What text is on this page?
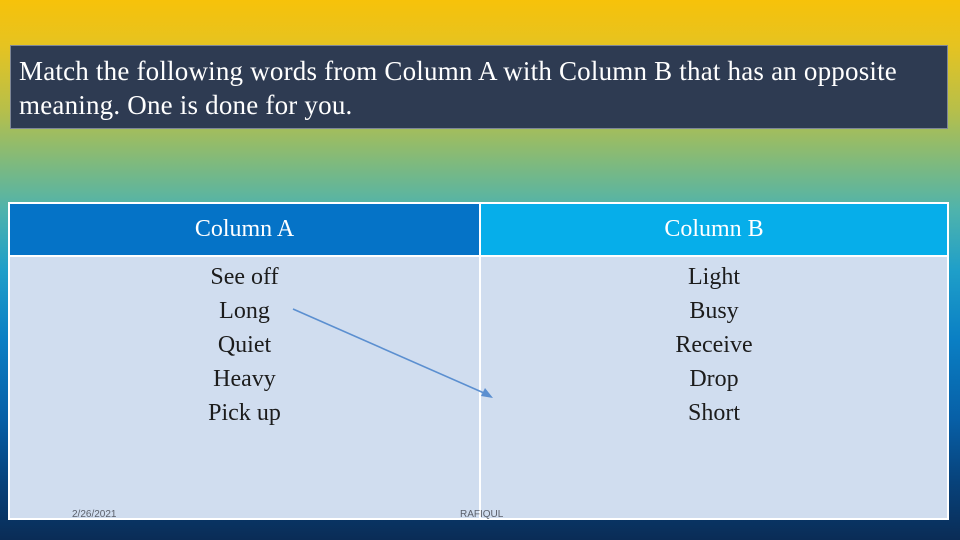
Match the following words from Column A with Column B that has an opposite meaning. One is done for you.
Column A	Column B
See off
Long
Quiet
Heavy
Pick up
Light
Busy
Receive
Drop
Short
2/26/2021	RAFIQUL
